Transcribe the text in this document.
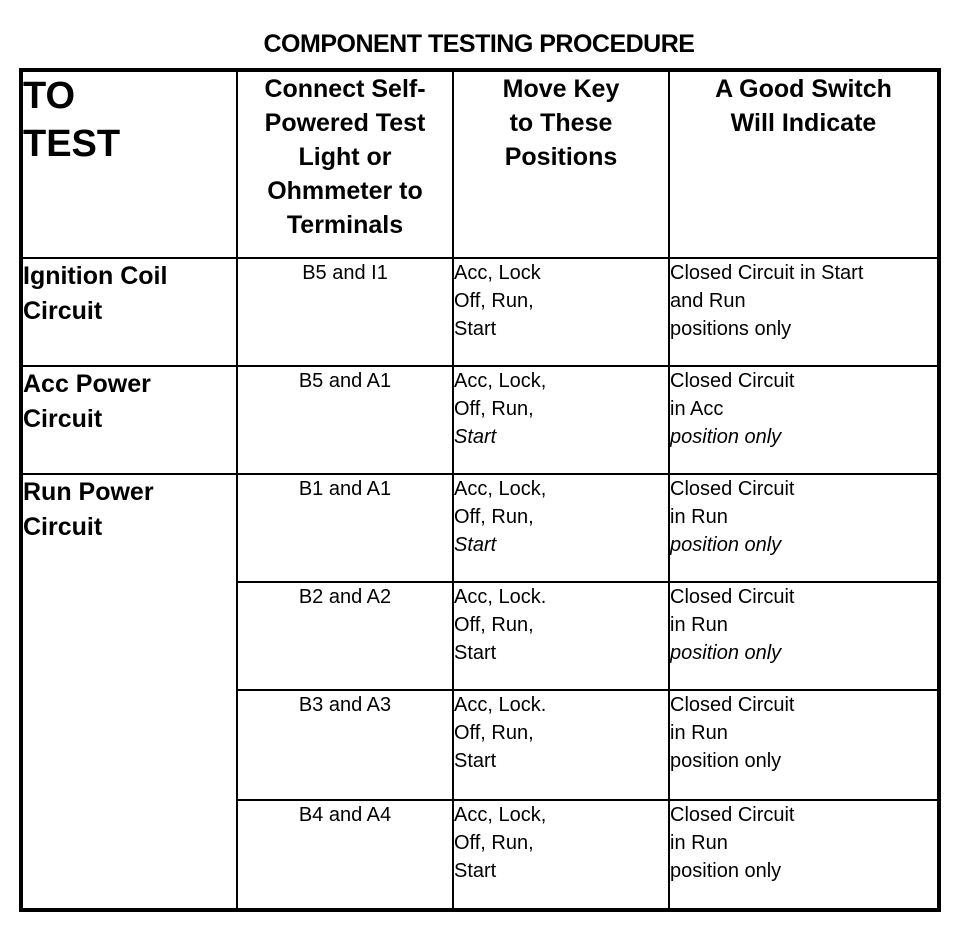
COMPONENT TESTING PROCEDURE
TO
TEST	Connect Self-
Powered Test
Light or
Ohmmeter to
Terminals	Move Key
to These
Positions	A Good Switch
Will Indicate

Ignition Coil
Circuit	B5 and I1	Acc, Lock
Off, Run,
Start	Closed Circuit in Start
and Run
positions only

Acc Power
Circuit	B5 and A1	Acc, Lock,
Off, Run,
Start	Closed Circuit
in Acc
position only

Run Power
Circuit	B1 and A1	Acc, Lock,
Off, Run,
Start	Closed Circuit
in Run
position only

	B2 and A2	Acc, Lock.
Off, Run,
Start	Closed Circuit
in Run
position only

	B3 and A3	Acc, Lock.
Off, Run,
Start	Closed Circuit
in Run
position only

	B4 and A4	Acc, Lock,
Off, Run,
Start	Closed Circuit
in Run
position only
